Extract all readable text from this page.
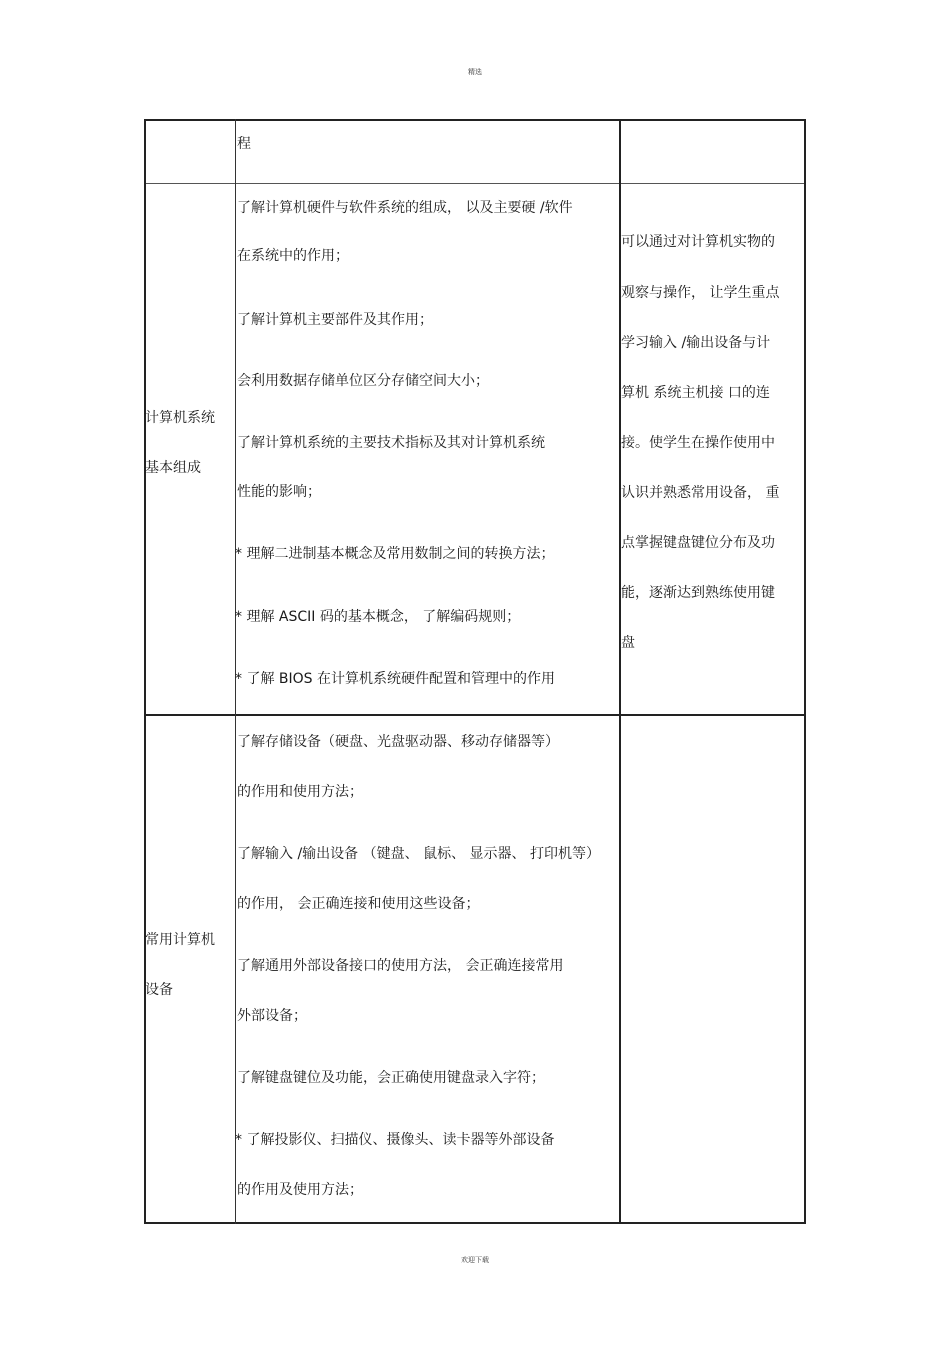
精选
程
计算机系统
基本组成
了解计算机硬件与软件系统的组成， 以及主要硬 /软件
在系统中的作用；
了解计算机主要部件及其作用；
会利用数据存储单位区分存储空间大小；
了解计算机系统的主要技术指标及其对计算机系统
性能的影响；
* 理解二进制基本概念及常用数制之间的转换方法；
* 理解 ASCII 码的基本概念， 了解编码规则；
* 了解 BIOS 在计算机系统硬件配置和管理中的作用
可以通过对计算机实物的
观察与操作， 让学生重点
学习输入 /输出设备与计
算机 系统主机接 口的连
接。使学生在操作使用中
认识并熟悉常用设备， 重
点掌握键盘键位分布及功
能，逐渐达到熟练使用键
盘
常用计算机
设备
了解存储设备（硬盘、光盘驱动器、移动存储器等）
的作用和使用方法；
了解输入 /输出设备 （键盘、 鼠标、 显示器、 打印机等）
的作用， 会正确连接和使用这些设备；
了解通用外部设备接口的使用方法， 会正确连接常用
外部设备；
了解键盘键位及功能，会正确使用键盘录入字符；
* 了解投影仪、扫描仪、摄像头、读卡器等外部设备
的作用及使用方法；
欢迎下载
